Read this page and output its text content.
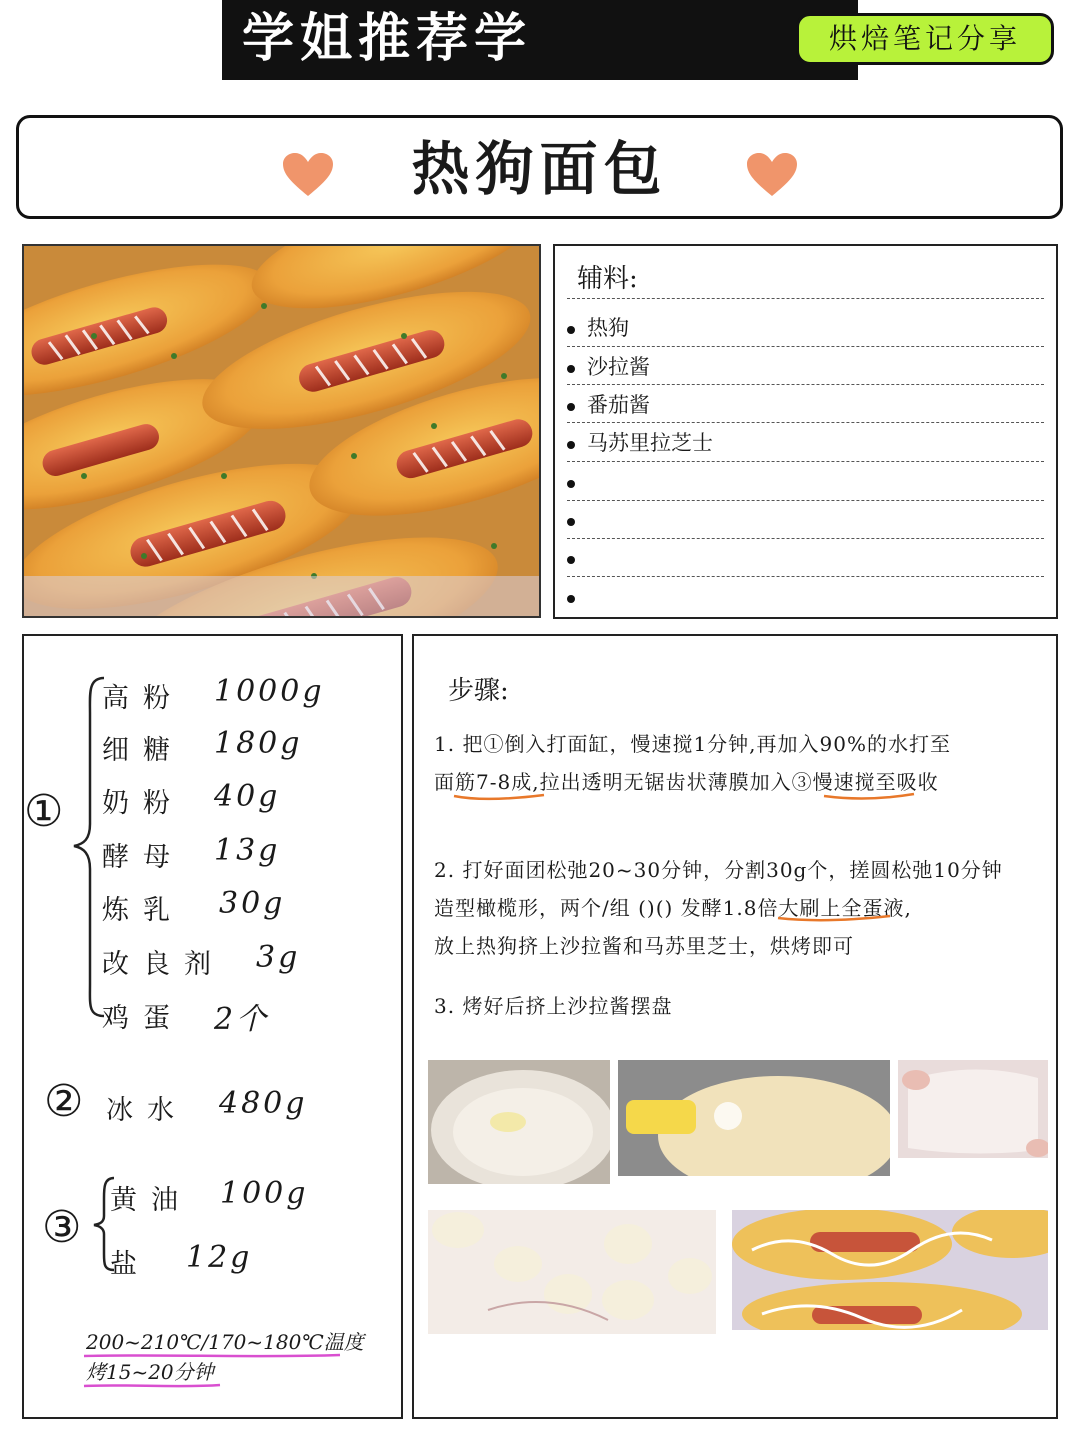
学姐推荐学	烘焙笔记分享
热狗面包
辅料:
热狗
沙拉酱
番茄酱
马苏里拉芝士
①
高粉 1000g
细糖 180g
奶粉 40g
酵母 13g
炼乳 30g
改良剂 3g
鸡蛋 2个
② 冰水 480g
③
黄油 100g
盐 12g
200~210℃/170~180℃温度
烤15~20分钟
步骤:
1. 把①倒入打面缸，慢速搅1分钟,再加入90%的水打至
面筋7-8成,拉出透明无锯齿状薄膜加入③慢速搅至吸收
2. 打好面团松弛20~30分钟，分割30g个，搓圆松弛10分钟
造型橄榄形，两个/组 ()() 发酵1.8倍大刷上全蛋液,
放上热狗挤上沙拉酱和马苏里芝士，烘烤即可
3. 烤好后挤上沙拉酱摆盘
